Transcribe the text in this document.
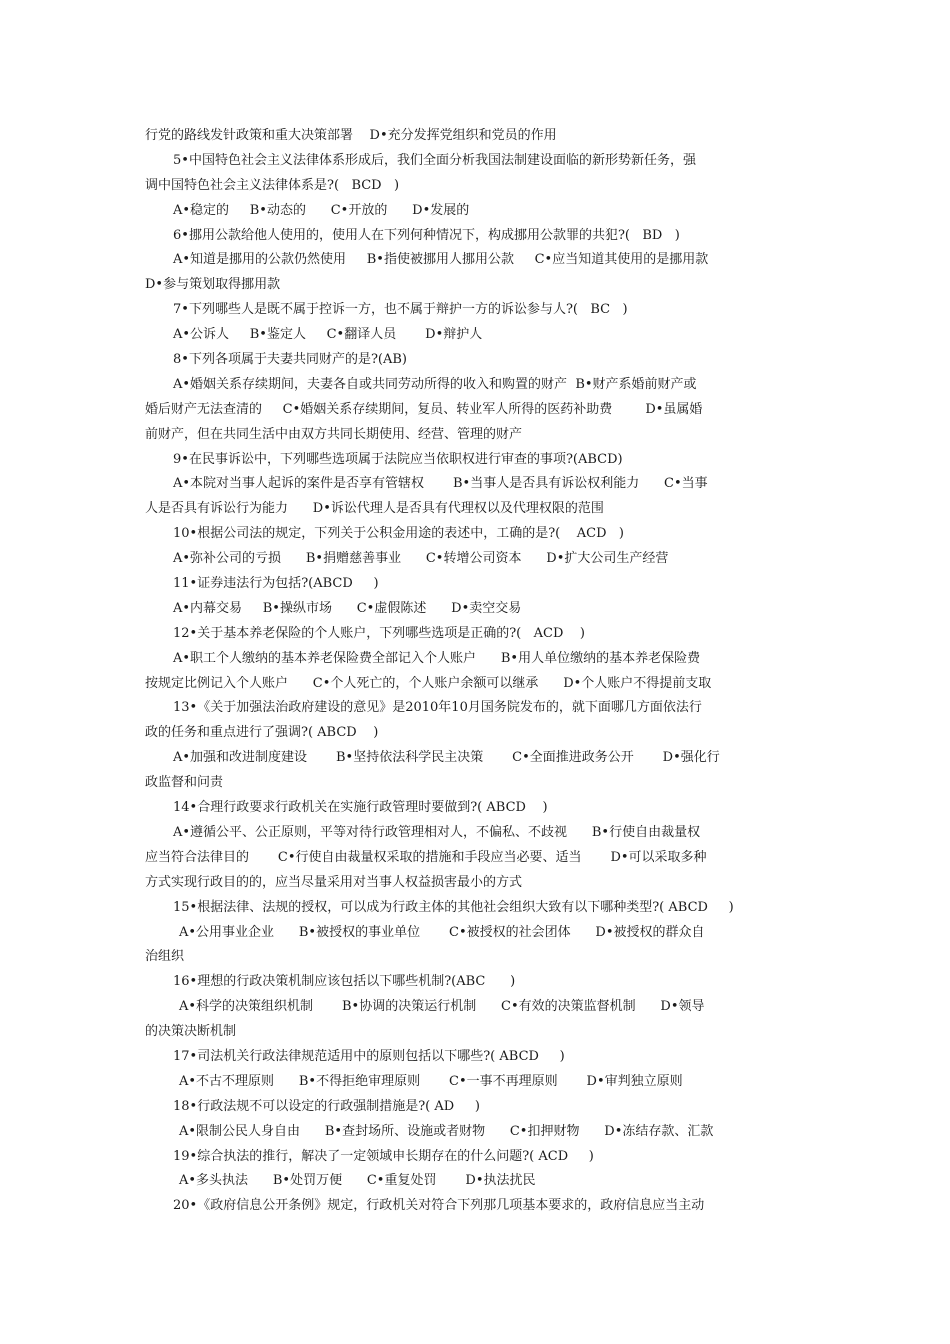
行党的路线发针政策和重大决策部署    D•充分发挥党组织和党员的作用
5•中国特色社会主义法律体系形成后，我们全面分析我国法制建设面临的新形势新任务，强
调中国特色社会主义法律体系是?(   BCD   )
A•稳定的     B•动态的      C•开放的      D•发展的
6•挪用公款给他人使用的，使用人在下列何种情况下，构成挪用公款罪的共犯?(   BD   )
A•知道是挪用的公款仍然使用     B•指使被挪用人挪用公款     C•应当知道其使用的是挪用款
D•参与策划取得挪用款
7•下列哪些人是既不属于控诉一方，也不属于辩护一方的诉讼参与人?(   BC   )
A•公诉人     B•鉴定人     C•翻译人员       D•辩护人
8•下列各项属于夫妻共同财产的是?(AB)
A•婚姻关系存续期间，夫妻各自或共同劳动所得的收入和购置的财产  B•财产系婚前财产或
婚后财产无法查清的     C•婚姻关系存续期间，复员、转业军人所得的医药补助费        D•虽属婚
前财产，但在共同生活中由双方共同长期使用、经营、管理的财产
9•在民事诉讼中，下列哪些选项属于法院应当依职权进行审查的事项?(ABCD)
A•本院对当事人起诉的案件是否享有管辖权       B•当事人是否具有诉讼权利能力      C•当事
人是否具有诉讼行为能力      D•诉讼代理人是否具有代理权以及代理权限的范围
10•根据公司法的规定，下列关于公积金用途的表述中，工确的是?(    ACD   )
A•弥补公司的亏损      B•捐赠慈善事业      C•转增公司资本      D•扩大公司生产经营
11•证券违法行为包括?(ABCD     )
A•内幕交易     B•操纵市场      C•虚假陈述      D•卖空交易
12•关于基本养老保险的个人账户，下列哪些选项是正确的?(   ACD    )
A•职工个人缴纳的基本养老保险费全部记入个人账户      B•用人单位缴纳的基本养老保险费
按规定比例记入个人账户      C•个人死亡的，个人账户余额可以继承      D•个人账户不得提前支取
13•《关于加强法治政府建设的意见》是2010年10月国务院发布的，就下面哪几方面依法行
政的任务和重点进行了强调?( ABCD    )
A•加强和改进制度建设       B•坚持依法科学民主决策       C•全面推进政务公开       D•强化行
政监督和问责
14•合理行政要求行政机关在实施行政管理时要做到?( ABCD    )
A•遵循公平、公正原则，平等对待行政管理相对人，不偏私、不歧视      B•行使自由裁量权
应当符合法律目的       C•行使自由裁量权采取的措施和手段应当必要、适当       D•可以采取多种
方式实现行政目的的，应当尽量采用对当事人权益损害最小的方式
15•根据法律、法规的授权，可以成为行政主体的其他社会组织大致有以下哪种类型?( ABCD     )
A•公用事业企业      B•被授权的事业单位       C•被授权的社会团体      D•被授权的群众自
治组织
16•理想的行政决策机制应该包括以下哪些机制?(ABC      )
A•科学的决策组织机制       B•协调的决策运行机制      C•有效的决策监督机制      D•领导
的决策决断机制
17•司法机关行政法律规范适用中的原则包括以下哪些?( ABCD     )
A•不古不理原则      B•不得拒绝审理原则       C•一事不再理原则       D•审判独立原则
18•行政法规不可以设定的行政强制措施是?( AD     )
A•限制公民人身自由      B•查封场所、设施或者财物      C•扣押财物      D•冻结存款、汇款
19•综合执法的推行，解决了一定领域申长期存在的什么问题?( ACD     )
A•多头执法      B•处罚万便      C•重复处罚       D•执法扰民
20•《政府信息公开条例》规定，行政机关对符合下列那几项基本要求的，政府信息应当主动
